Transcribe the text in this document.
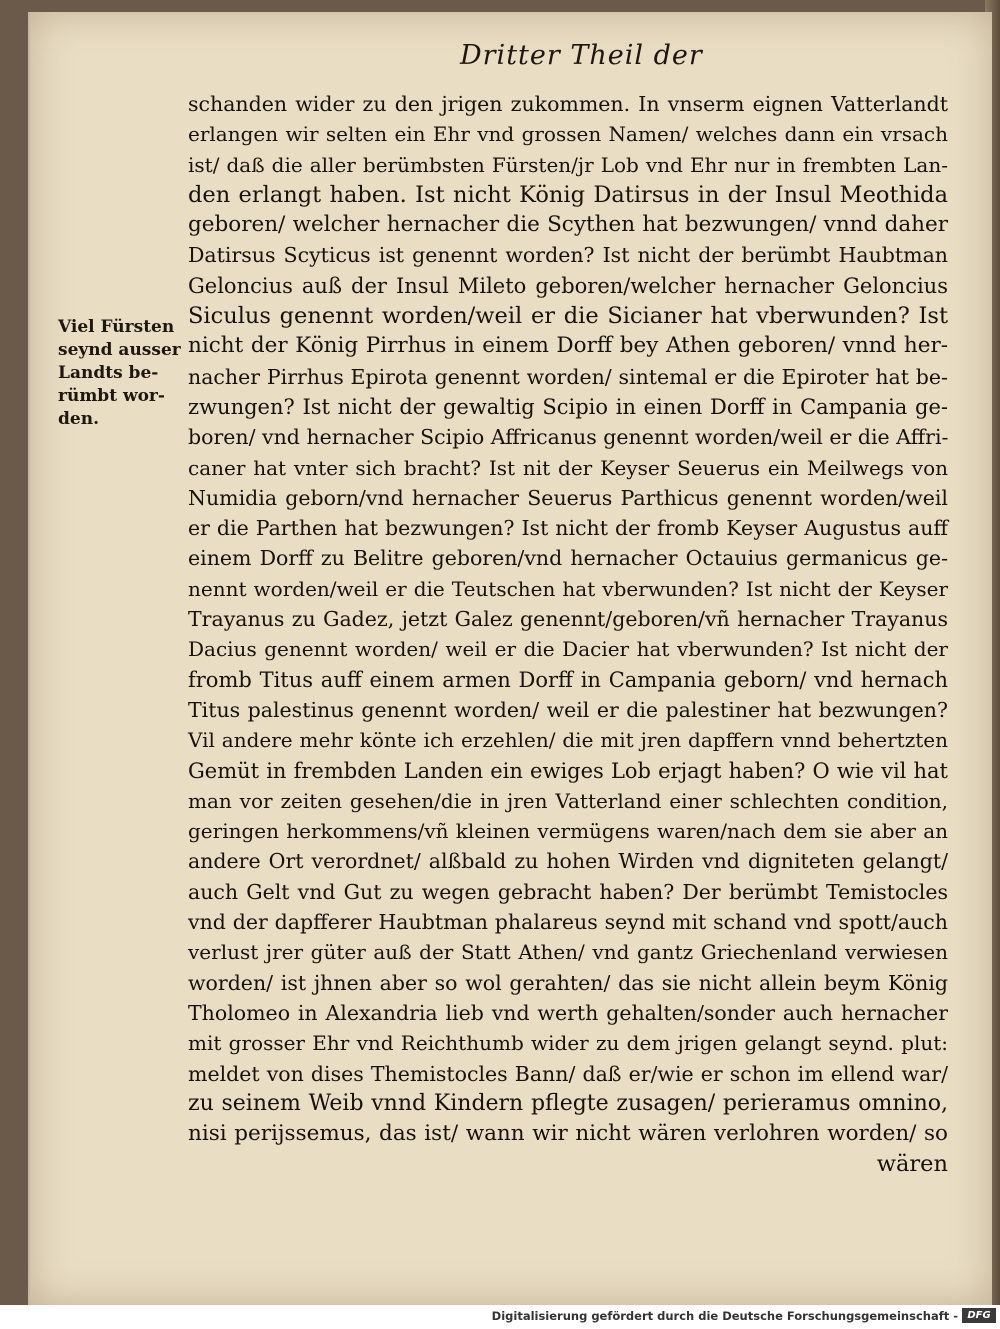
Dritter Theil der
Viel Fürsten
seynd ausser
Landts be-
rümbt wor-
den.
schanden wider zu den jrigen zukommen. In vnserm eignen Vatterlandt
erlangen wir selten ein Ehr vnd grossen Namen/ welches dann ein vrsach
ist/ daß die aller berümbsten Fürsten/jr Lob vnd Ehr nur in frembten Lan-
den erlangt haben. Ist nicht König Datirsus in der Insul Meothida
geboren/ welcher hernacher die Scythen hat bezwungen/ vnnd daher
Datirsus Scyticus ist genennt worden? Ist nicht der berümbt Haubtman
Geloncius auß der Insul Mileto geboren/welcher hernacher Geloncius
Siculus genennt worden/weil er die Sicianer hat vberwunden? Ist
nicht der König Pirrhus in einem Dorff bey Athen geboren/ vnnd her-
nacher Pirrhus Epirota genennt worden/ sintemal er die Epiroter hat be-
zwungen? Ist nicht der gewaltig Scipio in einen Dorff in Campania ge-
boren/ vnd hernacher Scipio Affricanus genennt worden/weil er die Affri-
caner hat vnter sich bracht? Ist nit der Keyser Seuerus ein Meilwegs von
Numidia geborn/vnd hernacher Seuerus Parthicus genennt worden/weil
er die Parthen hat bezwungen? Ist nicht der fromb Keyser Augustus auff
einem Dorff zu Belitre geboren/vnd hernacher Octauius germanicus ge-
nennt worden/weil er die Teutschen hat vberwunden? Ist nicht der Keyser
Trayanus zu Gadez, jetzt Galez genennt/geboren/vñ hernacher Trayanus
Dacius genennt worden/ weil er die Dacier hat vberwunden? Ist nicht der
fromb Titus auff einem armen Dorff in Campania geborn/ vnd hernach
Titus palestinus genennt worden/ weil er die palestiner hat bezwungen?
Vil andere mehr könte ich erzehlen/ die mit jren dapffern vnnd behertzten
Gemüt in frembden Landen ein ewiges Lob erjagt haben? O wie vil hat
man vor zeiten gesehen/die in jren Vatterland einer schlechten condition,
geringen herkommens/vñ kleinen vermügens waren/nach dem sie aber an
andere Ort verordnet/ alßbald zu hohen Wirden vnd digniteten gelangt/
auch Gelt vnd Gut zu wegen gebracht haben? Der berümbt Temistocles
vnd der dapfferer Haubtman phalareus seynd mit schand vnd spott/auch
verlust jrer güter auß der Statt Athen/ vnd gantz Griechenland verwiesen
worden/ ist jhnen aber so wol gerahten/ das sie nicht allein beym König
Tholomeo in Alexandria lieb vnd werth gehalten/sonder auch hernacher
mit grosser Ehr vnd Reichthumb wider zu dem jrigen gelangt seynd. plut:
meldet von dises Themistocles Bann/ daß er/wie er schon im ellend war/
zu seinem Weib vnnd Kindern pflegte zusagen/ perieramus omnino,
nisi perijssemus, das ist/ wann wir nicht wären verlohren worden/ so
wären
Digitalisierung gefördert durch die Deutsche Forschungsgemeinschaft - DFG
